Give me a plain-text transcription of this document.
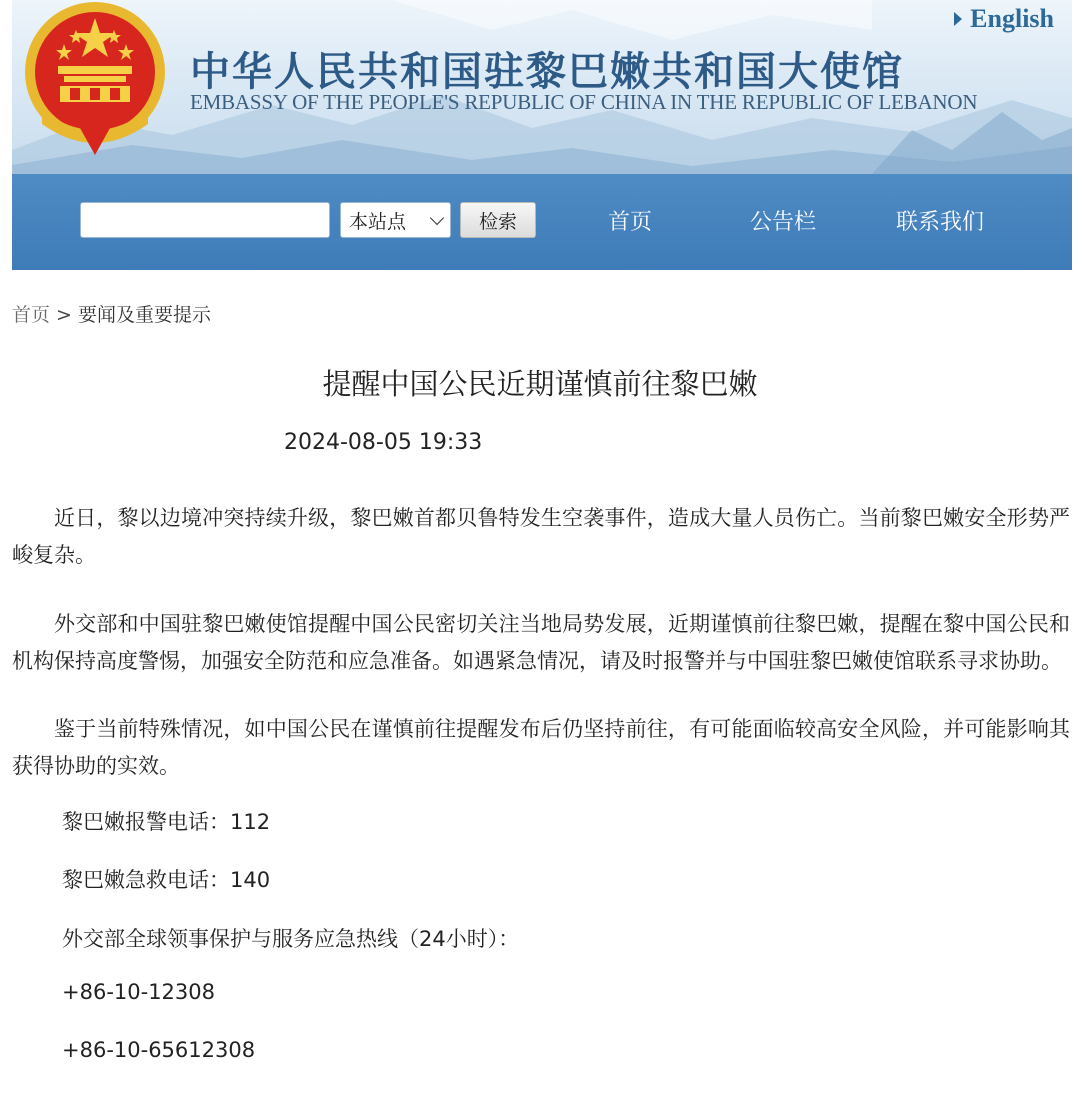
中华人民共和国驻黎巴嫩共和国大使馆
EMBASSY OF THE PEOPLE'S REPUBLIC OF CHINA IN THE REPUBLIC OF LEBANON
English
本站点	检索	首页	公告栏	联系我们
首页 > 要闻及重要提示
提醒中国公民近期谨慎前往黎巴嫩
2024-08-05 19:33

近日，黎以边境冲突持续升级，黎巴嫩首都贝鲁特发生空袭事件，造成大量人员伤亡。当前黎巴嫩安全形势严峻复杂。

外交部和中国驻黎巴嫩使馆提醒中国公民密切关注当地局势发展，近期谨慎前往黎巴嫩，提醒在黎中国公民和机构保持高度警惕，加强安全防范和应急准备。如遇紧急情况，请及时报警并与中国驻黎巴嫩使馆联系寻求协助。

鉴于当前特殊情况，如中国公民在谨慎前往提醒发布后仍坚持前往，有可能面临较高安全风险，并可能影响其获得协助的实效。

黎巴嫩报警电话：112
黎巴嫩急救电话：140
外交部全球领事保护与服务应急热线（24小时）：
+86-10-12308
+86-10-65612308
